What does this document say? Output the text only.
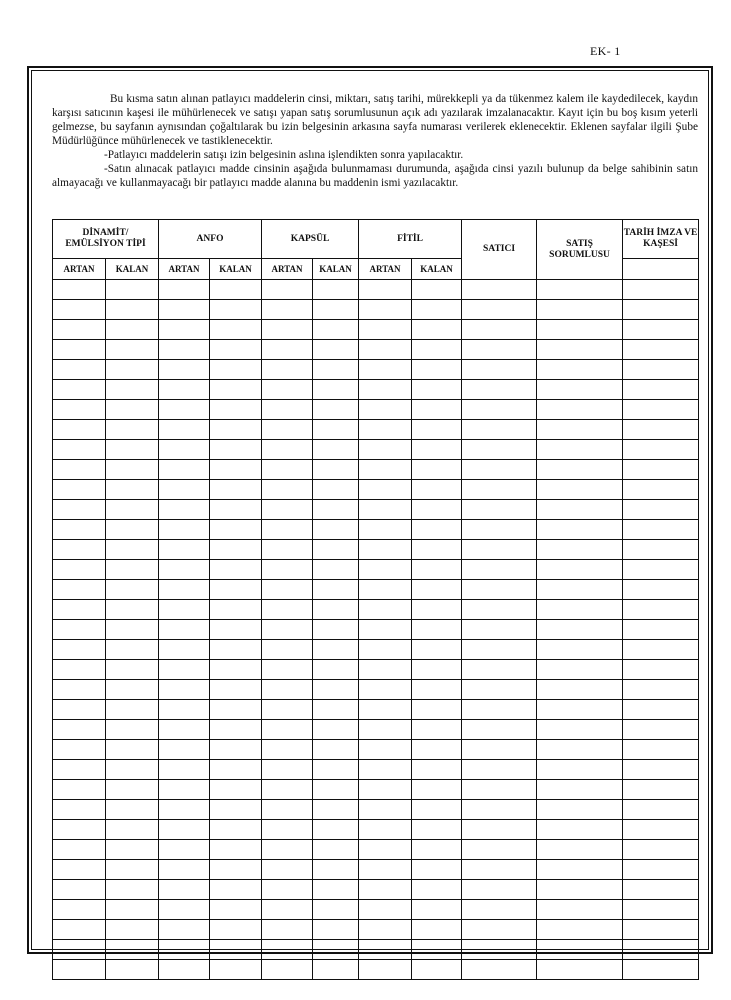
EK- 1

Bu kısma satın alınan patlayıcı maddelerin cinsi, miktarı, satış tarihi, mürekkepli ya da tükenmez kalem ile kaydedilecek, kaydın karşısı satıcının kaşesi ile mühürlenecek ve satışı yapan satış sorumlusunun açık adı yazılarak imzalanacaktır. Kayıt için bu boş kısım yeterli gelmezse, bu sayfanın aynısından çoğaltılarak bu izin belgesinin arkasına sayfa numarası verilerek eklenecektir. Eklenen sayfalar ilgili Şube Müdürlüğünce mühürlenecek ve tastiklenecektir.

-Patlayıcı maddelerin satışı izin belgesinin aslına işlendikten sonra yapılacaktır.

-Satın alınacak patlayıcı madde cinsinin aşağıda bulunmaması durumunda, aşağıda cinsi yazılı bulunup da belge sahibinin satın almayacağı ve kullanmayacağı bir patlayıcı madde alanına bu maddenin ismi yazılacaktır.

DİNAMİT/ EMÜLSİYON TİPİ		ANFO		KAPSÜL		FİTİL		SATICI	SATIŞ SORUMLUSU	TARİH İMZA VE KAŞESİ
ARTAN	KALAN	ARTAN	KALAN	ARTAN	KALAN	ARTAN	KALAN			
